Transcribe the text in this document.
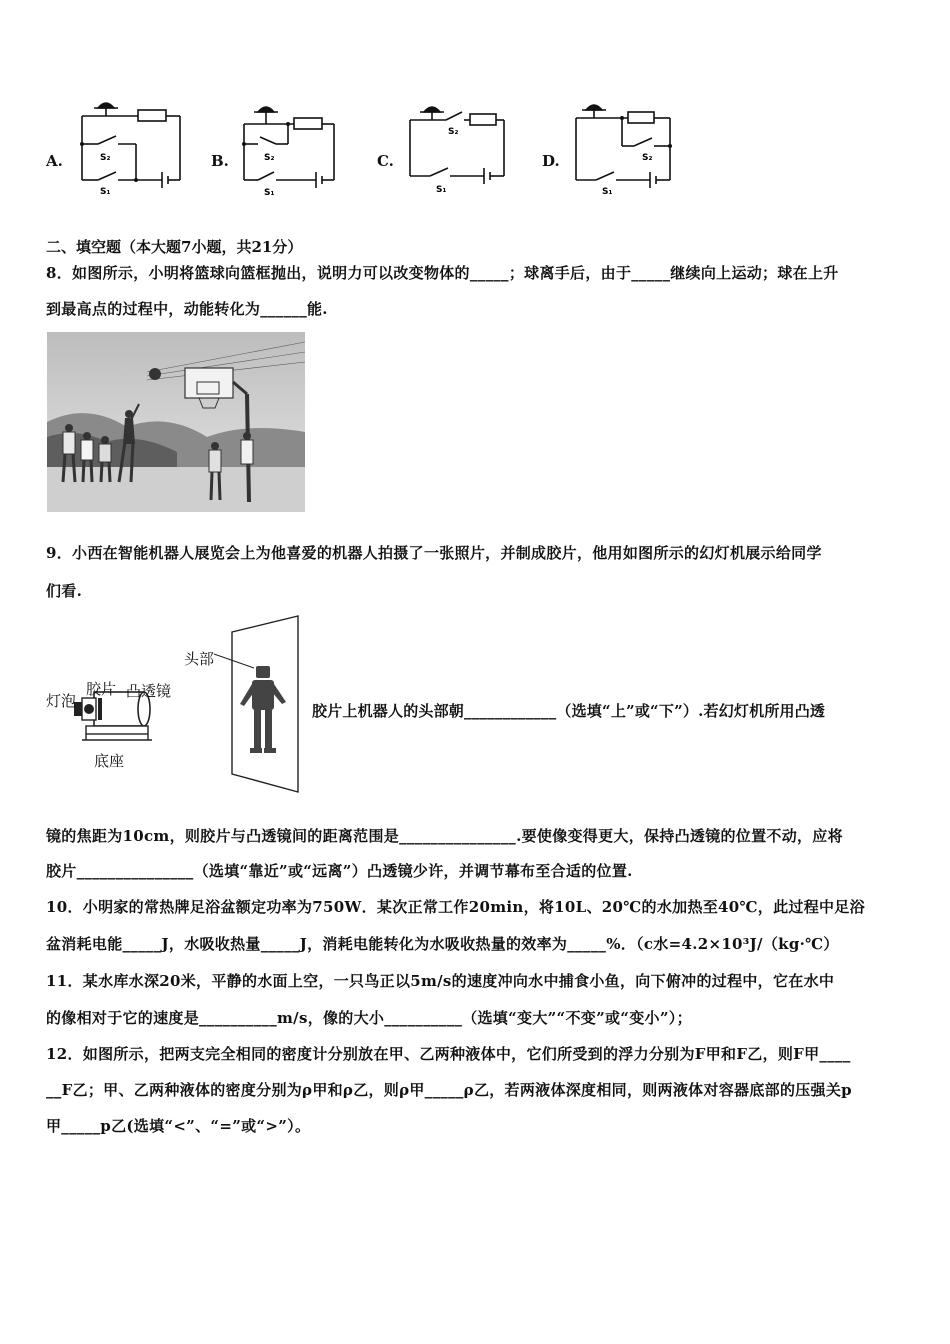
A.	B.	C.	D.
S₂
S₁
S₂
S₁
S₂
S₁
S₂
S₁
二、填空题（本大题7小题，共21分）
8．如图所示，小明将篮球向篮框抛出，说明力可以改变物体的_____；球离手后，由于_____继续向上运动；球在上升
到最高点的过程中，动能转化为______能.
9．小西在智能机器人展览会上为他喜爱的机器人拍摄了一张照片，并制成胶片，他用如图所示的幻灯机展示给同学
们看.
灯泡
胶片 凸透镜
底座
头部
胶片上机器人的头部朝____________（选填“上”或“下”）.若幻灯机所用凸透
镜的焦距为10cm，则胶片与凸透镜间的距离范围是_______________.要使像变得更大，保持凸透镜的位置不动，应将
胶片_______________（选填“靠近”或“远离”）凸透镜少许，并调节幕布至合适的位置.
10．小明家的常热牌足浴盆额定功率为750W．某次正常工作20min，将10L、20℃的水加热至40℃，此过程中足浴
盆消耗电能_____J，水吸收热量_____J，消耗电能转化为水吸收热量的效率为_____%．（c水=4.2×10³J/（kg·℃）
11．某水库水深20米，平静的水面上空，一只鸟正以5m/s的速度冲向水中捕食小鱼，向下俯冲的过程中，它在水中
的像相对于它的速度是__________m/s，像的大小__________（选填“变大”“不变”或“变小”）；
12．如图所示，把两支完全相同的密度计分别放在甲、乙两种液体中，它们所受到的浮力分别为F甲和F乙，则F甲____
__F乙；甲、乙两种液体的密度分别为ρ甲和ρ乙，则ρ甲_____ρ乙，若两液体深度相同，则两液体对容器底部的压强关p
甲_____p乙(选填“<”、“=”或“>”）。
